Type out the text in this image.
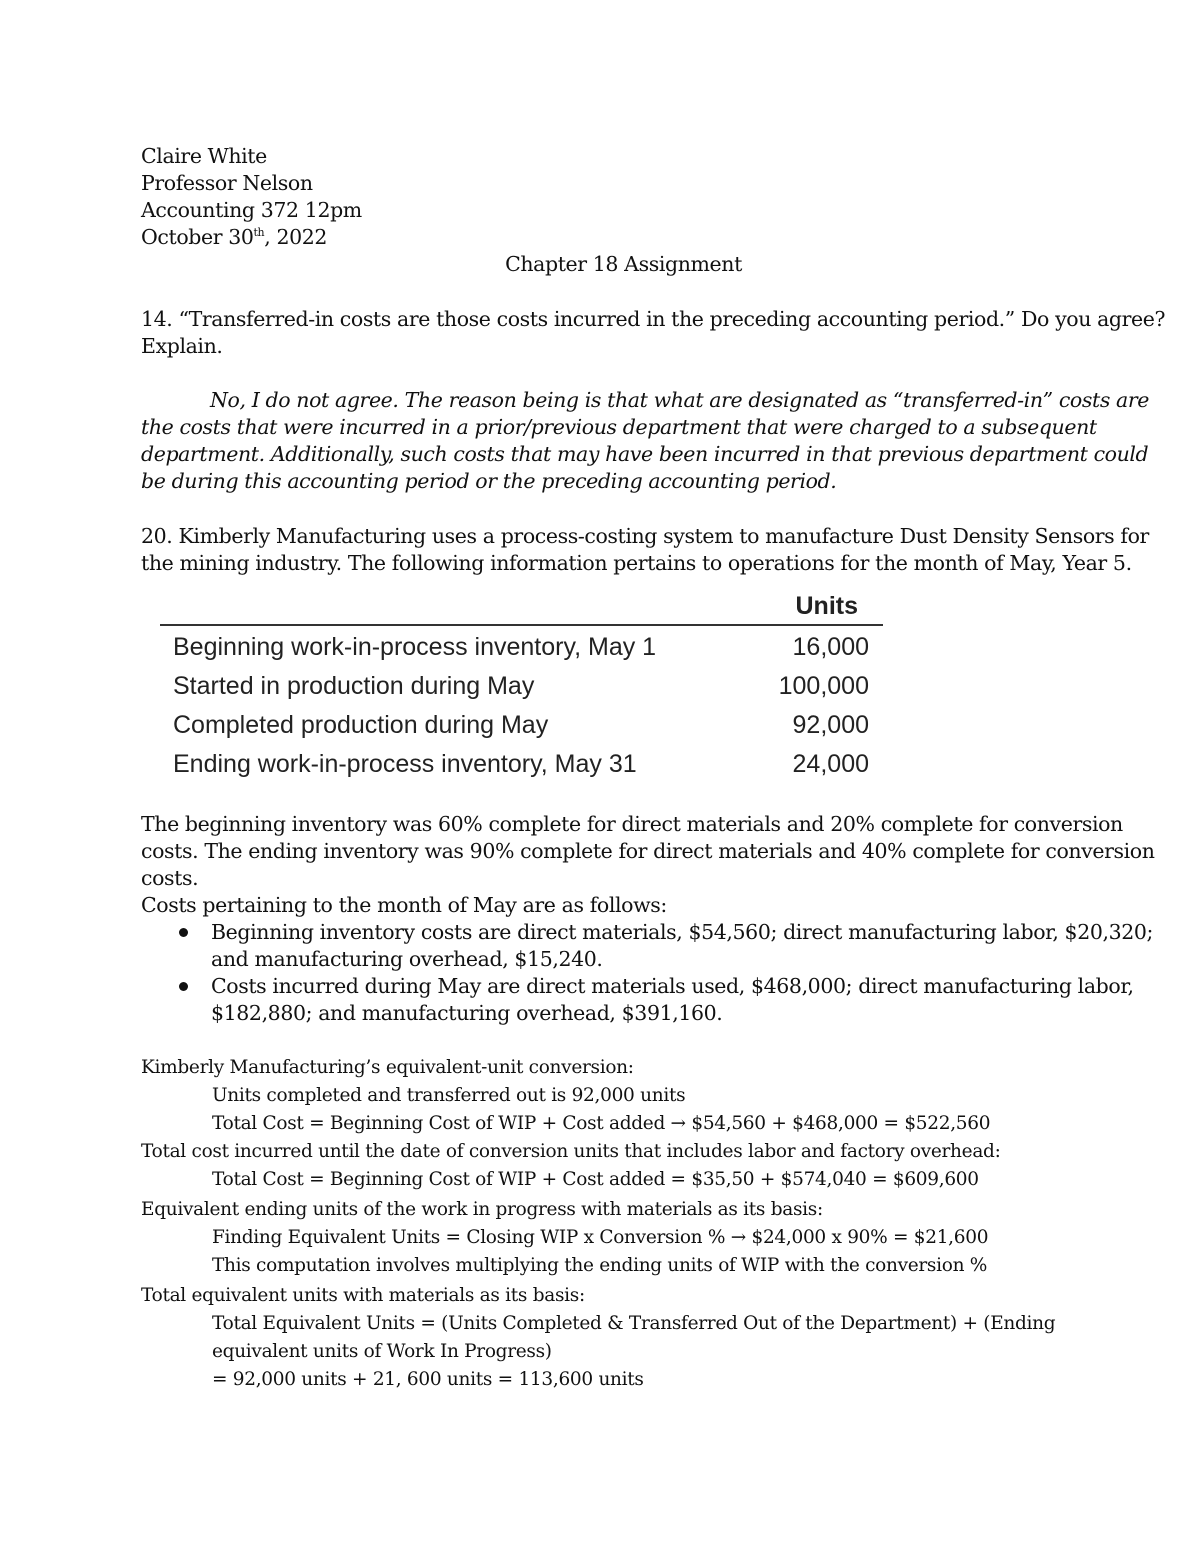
Claire White
Professor Nelson
Accounting 372 12pm
October 30th, 2022
Chapter 18 Assignment
14. “Transferred-in costs are those costs incurred in the preceding accounting period.” Do you agree?
Explain.
No, I do not agree. The reason being is that what are designated as “transferred-in” costs are
the costs that were incurred in a prior/previous department that were charged to a subsequent
department. Additionally, such costs that may have been incurred in that previous department could
be during this accounting period or the preceding accounting period.
20. Kimberly Manufacturing uses a process-costing system to manufacture Dust Density Sensors for
the mining industry. The following information pertains to operations for the month of May, Year 5.
Units
Beginning work-in-process inventory, May 1	16,000
Started in production during May	100,000
Completed production during May	92,000
Ending work-in-process inventory, May 31	24,000
The beginning inventory was 60% complete for direct materials and 20% complete for conversion
costs. The ending inventory was 90% complete for direct materials and 40% complete for conversion
costs.
Costs pertaining to the month of May are as follows:
Beginning inventory costs are direct materials, $54,560; direct manufacturing labor, $20,320;
and manufacturing overhead, $15,240.
Costs incurred during May are direct materials used, $468,000; direct manufacturing labor,
$182,880; and manufacturing overhead, $391,160.
Kimberly Manufacturing’s equivalent-unit conversion:
Units completed and transferred out is 92,000 units
Total Cost = Beginning Cost of WIP + Cost added → $54,560 + $468,000 = $522,560
Total cost incurred until the date of conversion units that includes labor and factory overhead:
Total Cost = Beginning Cost of WIP + Cost added = $35,50 + $574,040 = $609,600
Equivalent ending units of the work in progress with materials as its basis:
Finding Equivalent Units = Closing WIP x Conversion % → $24,000 x 90% = $21,600
This computation involves multiplying the ending units of WIP with the conversion %
Total equivalent units with materials as its basis:
Total Equivalent Units = (Units Completed & Transferred Out of the Department) + (Ending
equivalent units of Work In Progress)
= 92,000 units + 21, 600 units = 113,600 units
